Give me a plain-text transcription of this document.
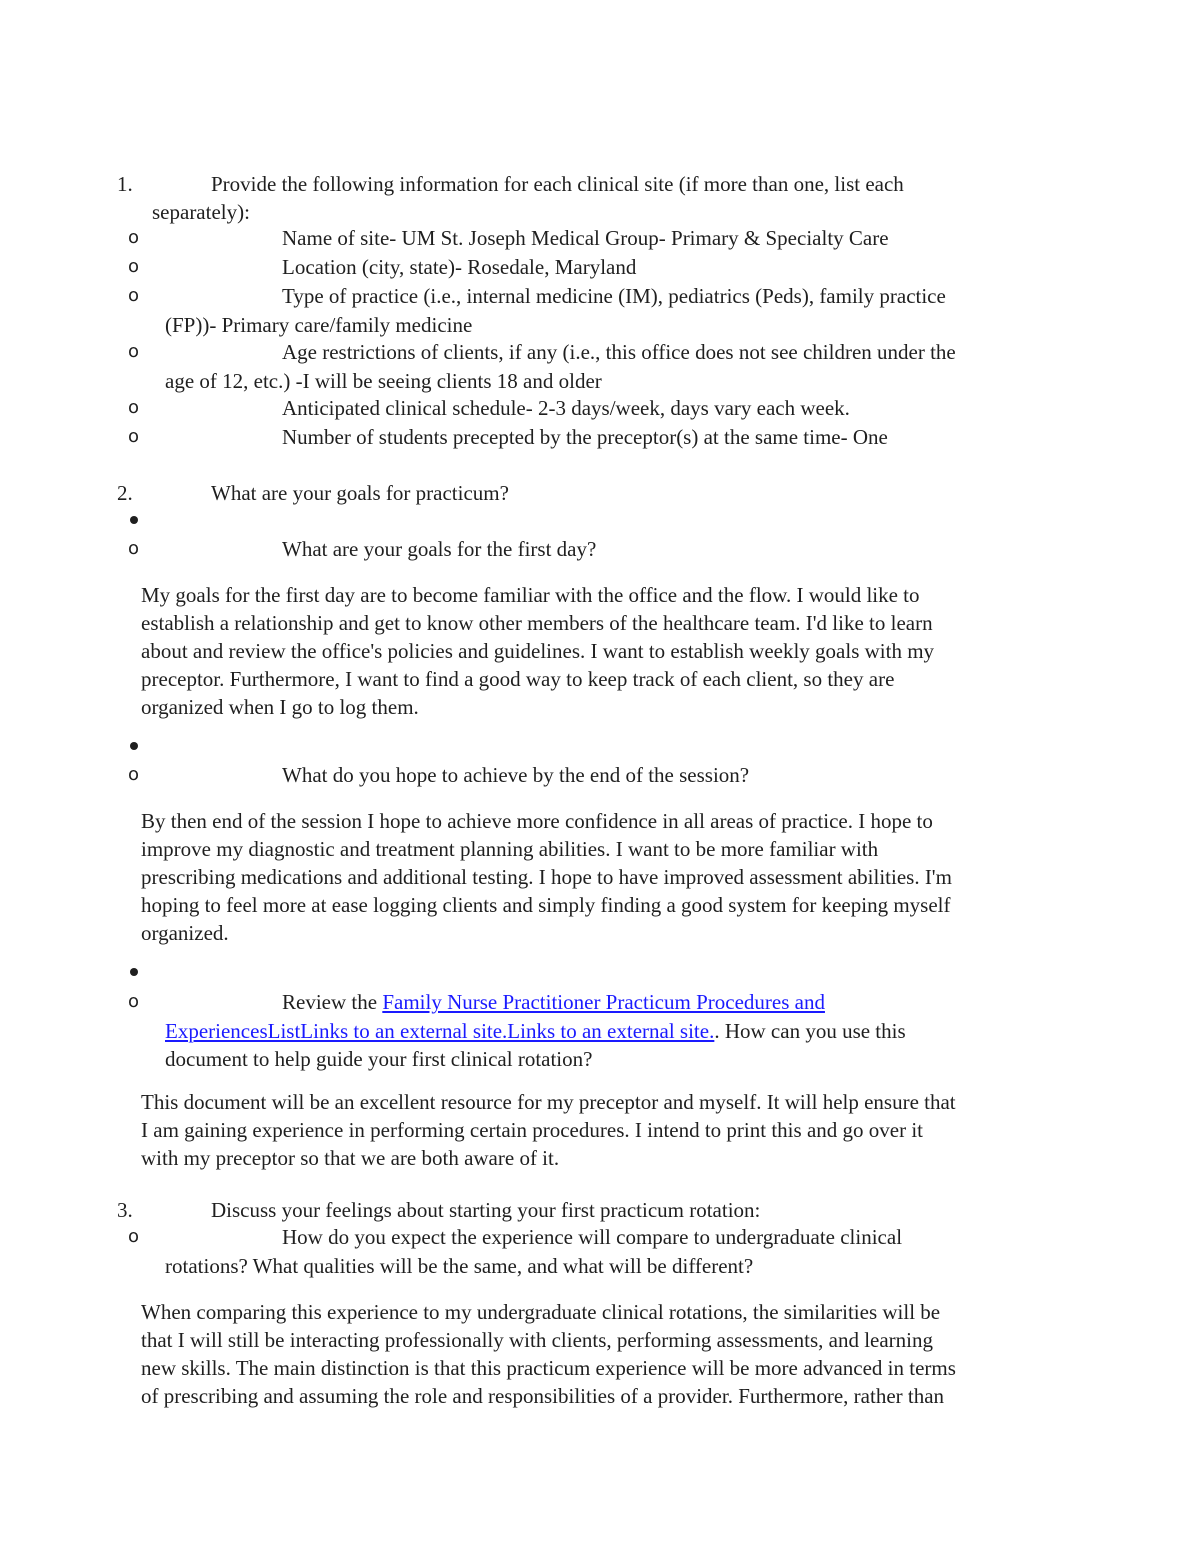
1.	Provide the following information for each clinical site (if more than one, list each
separately):
o	Name of site- UM St. Joseph Medical Group- Primary & Specialty Care
o	Location (city, state)- Rosedale, Maryland
o	Type of practice (i.e., internal medicine (IM), pediatrics (Peds), family practice
(FP))- Primary care/family medicine
o	Age restrictions of clients, if any (i.e., this office does not see children under the
age of 12, etc.) -I will be seeing clients 18 and older
o	Anticipated clinical schedule- 2-3 days/week, days vary each week.
o	Number of students precepted by the preceptor(s) at the same time- One
2.	What are your goals for practicum?
o	What are your goals for the first day?
My goals for the first day are to become familiar with the office and the flow. I would like to
establish a relationship and get to know other members of the healthcare team. I'd like to learn
about and review the office's policies and guidelines. I want to establish weekly goals with my
preceptor. Furthermore, I want to find a good way to keep track of each client, so they are
organized when I go to log them.
o	What do you hope to achieve by the end of the session?
By then end of the session I hope to achieve more confidence in all areas of practice. I hope to
improve my diagnostic and treatment planning abilities. I want to be more familiar with
prescribing medications and additional testing. I hope to have improved assessment abilities. I'm
hoping to feel more at ease logging clients and simply finding a good system for keeping myself
organized.
o	Review the Family Nurse Practitioner Practicum Procedures and
ExperiencesListLinks to an external site.Links to an external site.. How can you use this
document to help guide your first clinical rotation?
This document will be an excellent resource for my preceptor and myself. It will help ensure that
I am gaining experience in performing certain procedures. I intend to print this and go over it
with my preceptor so that we are both aware of it.
3.	Discuss your feelings about starting your first practicum rotation:
o	How do you expect the experience will compare to undergraduate clinical
rotations? What qualities will be the same, and what will be different?
When comparing this experience to my undergraduate clinical rotations, the similarities will be
that I will still be interacting professionally with clients, performing assessments, and learning
new skills. The main distinction is that this practicum experience will be more advanced in terms
of prescribing and assuming the role and responsibilities of a provider. Furthermore, rather than
